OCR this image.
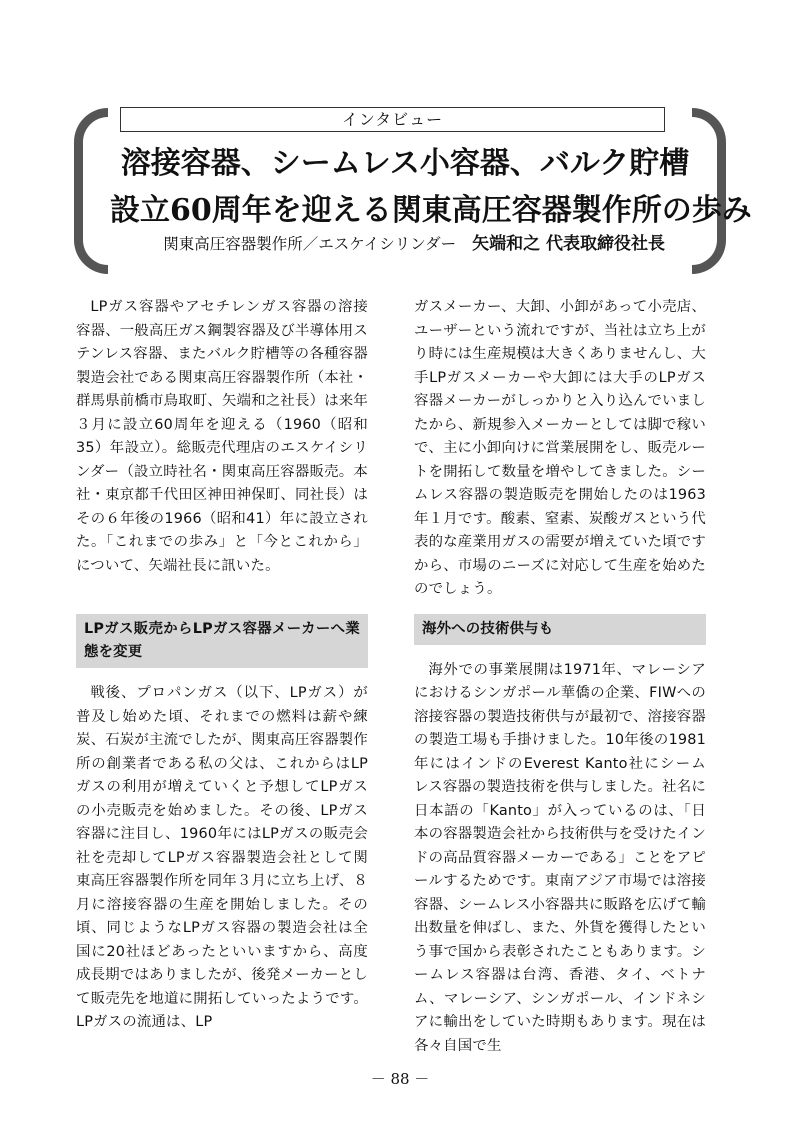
インタビュー
溶接容器、シームレス小容器、バルク貯槽
設立60周年を迎える関東高圧容器製作所の歩み
関東高圧容器製作所／エスケイシリンダー 矢端和之 代表取締役社長

LPガス容器やアセチレンガス容器の溶接容器、一般高圧ガス鋼製容器及び半導体用ステンレス容器、またバルク貯槽等の各種容器製造会社である関東高圧容器製作所（本社・群馬県前橋市鳥取町、矢端和之社長）は来年３月に設立60周年を迎える（1960（昭和35）年設立）。総販売代理店のエスケイシリンダー（設立時社名・関東高圧容器販売。本社・東京都千代田区神田神保町、同社長）はその６年後の1966（昭和41）年に設立された。「これまでの歩み」と「今とこれから」について、矢端社長に訊いた。

LPガス販売からLPガス容器メーカーへ業態を変更

戦後、プロパンガス（以下、LPガス）が普及し始めた頃、それまでの燃料は薪や練炭、石炭が主流でしたが、関東高圧容器製作所の創業者である私の父は、これからはLPガスの利用が増えていくと予想してLPガスの小売販売を始めました。その後、LPガス容器に注目し、1960年にはLPガスの販売会社を売却してLPガス容器製造会社として関東高圧容器製作所を同年３月に立ち上げ、８月に溶接容器の生産を開始しました。その頃、同じようなLPガス容器の製造会社は全国に20社ほどあったといいますから、高度成長期ではありましたが、後発メーカーとして販売先を地道に開拓していったようです。LPガスの流通は、LP

ガスメーカー、大卸、小卸があって小売店、ユーザーという流れですが、当社は立ち上がり時には生産規模は大きくありませんし、大手LPガスメーカーや大卸には大手のLPガス容器メーカーがしっかりと入り込んでいましたから、新規参入メーカーとしては脚で稼いで、主に小卸向けに営業展開をし、販売ルートを開拓して数量を増やしてきました。シームレス容器の製造販売を開始したのは1963年１月です。酸素、窒素、炭酸ガスという代表的な産業用ガスの需要が増えていた頃ですから、市場のニーズに対応して生産を始めたのでしょう。

海外への技術供与も

海外での事業展開は1971年、マレーシアにおけるシンガポール華僑の企業、FIWへの溶接容器の製造技術供与が最初で、溶接容器の製造工場も手掛けました。10年後の1981年にはインドのEverest Kanto社にシームレス容器の製造技術を供与しました。社名に日本語の「Kanto」が入っているのは、「日本の容器製造会社から技術供与を受けたインドの高品質容器メーカーである」ことをアピールするためです。東南アジア市場では溶接容器、シームレス小容器共に販路を広げて輸出数量を伸ばし、また、外貨を獲得したという事で国から表彰されたこともあります。シームレス容器は台湾、香港、タイ、ベトナム、マレーシア、シンガポール、インドネシアに輸出をしていた時期もあります。現在は各々自国で生

－ 88 －
